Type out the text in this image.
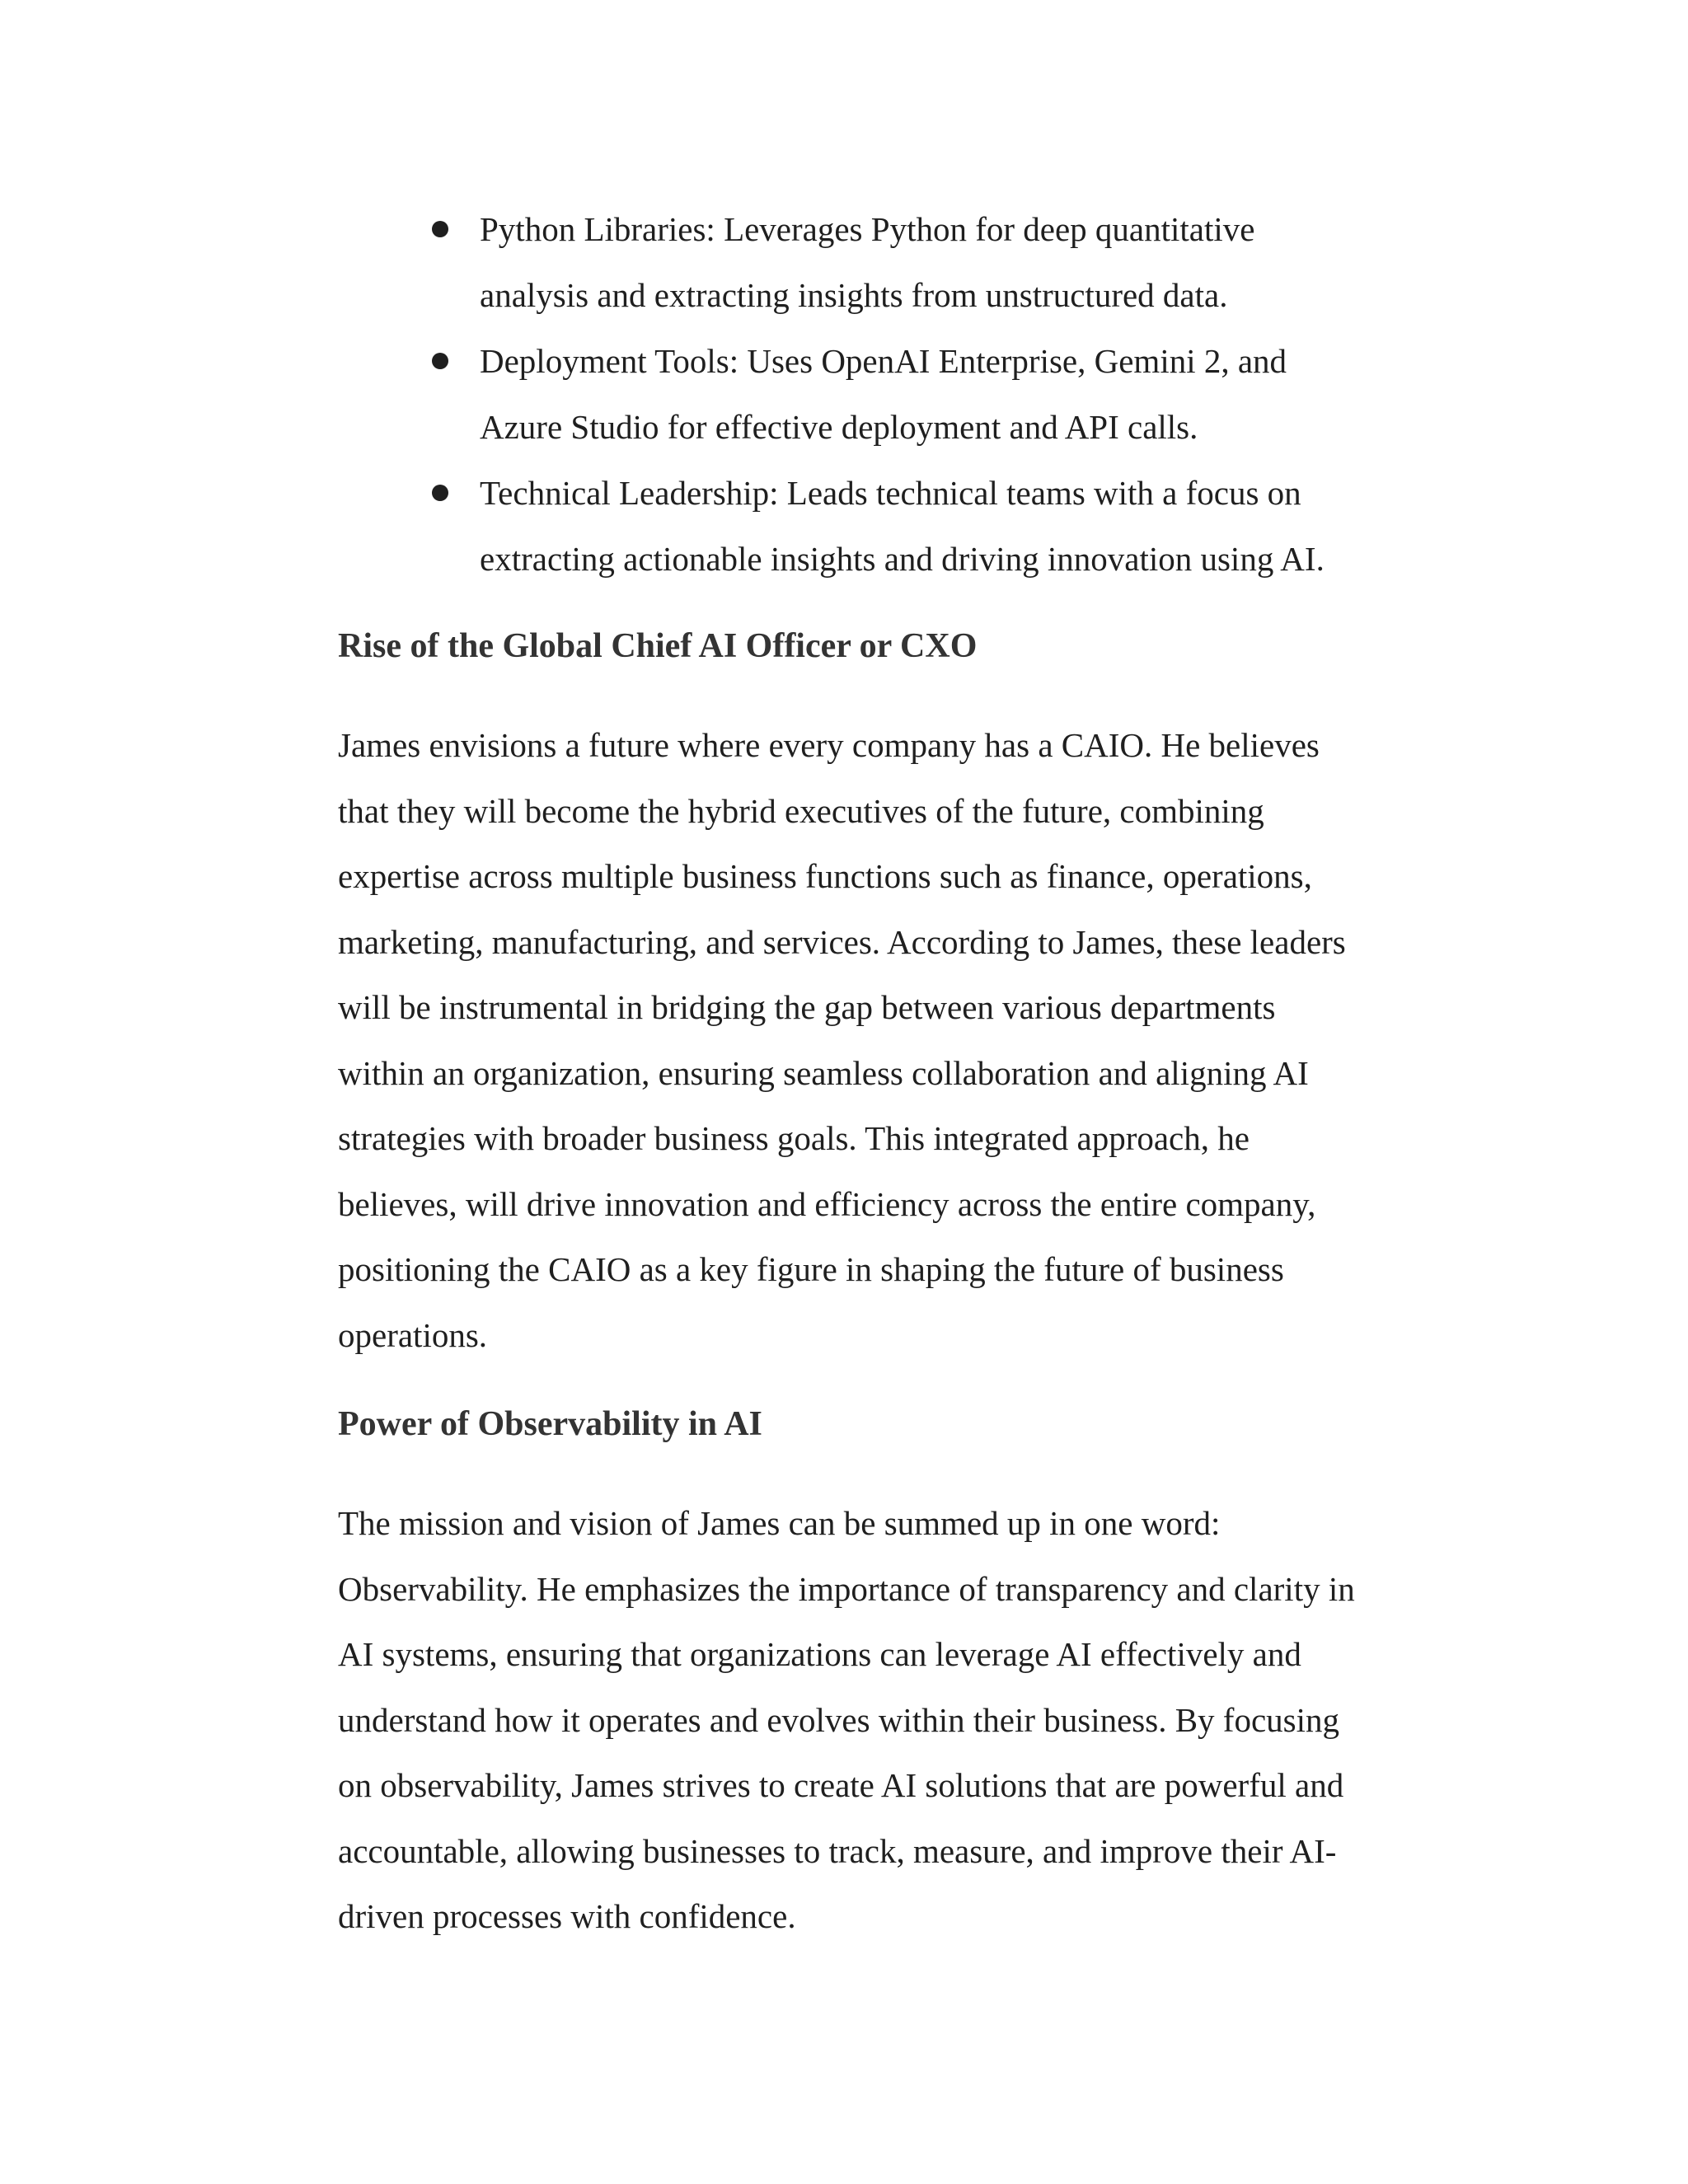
Python Libraries: Leverages Python for deep quantitative analysis and extracting insights from unstructured data.
Deployment Tools: Uses OpenAI Enterprise, Gemini 2, and Azure Studio for effective deployment and API calls.
Technical Leadership: Leads technical teams with a focus on extracting actionable insights and driving innovation using AI.
Rise of the Global Chief AI Officer or CXO

James envisions a future where every company has a CAIO. He believes that they will become the hybrid executives of the future, combining expertise across multiple business functions such as finance, operations, marketing, manufacturing, and services. According to James, these leaders will be instrumental in bridging the gap between various departments within an organization, ensuring seamless collaboration and aligning AI strategies with broader business goals. This integrated approach, he believes, will drive innovation and efficiency across the entire company, positioning the CAIO as a key figure in shaping the future of business operations.

Power of Observability in AI

The mission and vision of James can be summed up in one word: Observability. He emphasizes the importance of transparency and clarity in AI systems, ensuring that organizations can leverage AI effectively and understand how it operates and evolves within their business. By focusing on observability, James strives to create AI solutions that are powerful and accountable, allowing businesses to track, measure, and improve their AI-driven processes with confidence.
